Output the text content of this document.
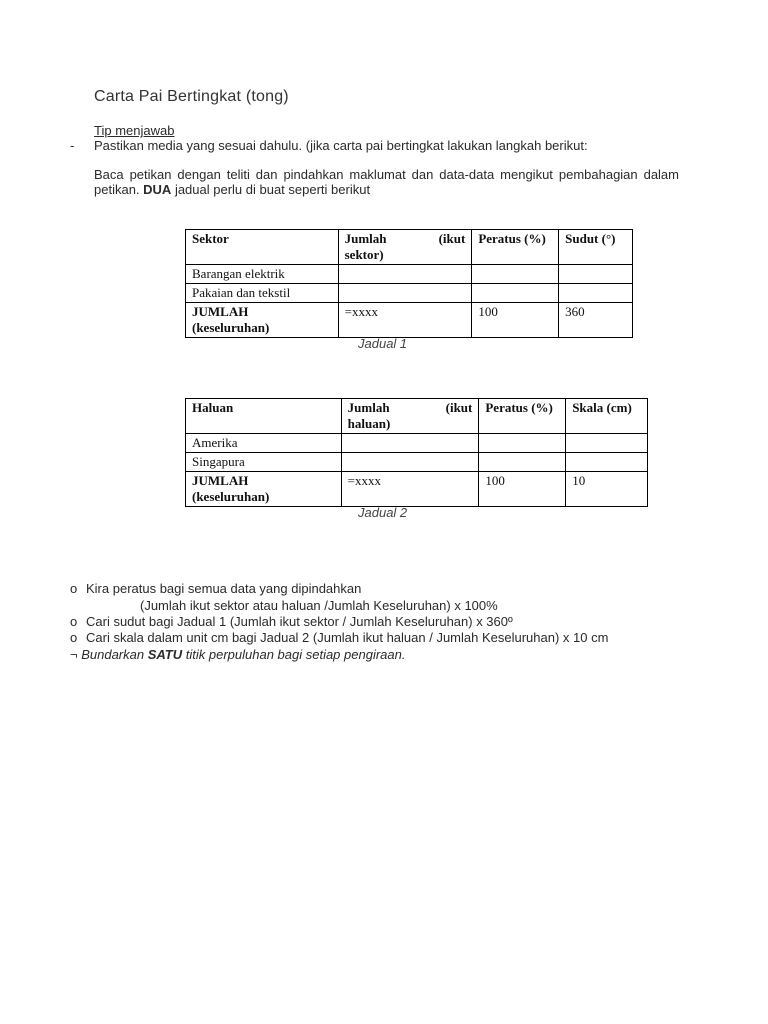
Carta Pai Bertingkat (tong)
Tip menjawab
- Pastikan media yang sesuai dahulu. (jika carta pai bertingkat lakukan langkah berikut:
Baca petikan dengan teliti dan pindahkan maklumat dan data-data mengikut pembahagian dalam petikan. DUA jadual perlu di buat seperti berikut
Sektor	Jumlah (ikut
sektor)	Peratus (%)	Sudut (°)
Barangan elektrik			
Pakaian dan tekstil			

JUMLAH
(keseluruhan)	=xxxx	100	360
Jadual 1
Haluan	Jumlah (ikut
haluan)	Peratus (%)	Skala (cm)
Amerika			
Singapura			

JUMLAH
(keseluruhan)	=xxxx	100	10
Jadual 2
o Kira peratus bagi semua data yang dipindahkan
(Jumlah ikut sektor atau haluan /Jumlah Keseluruhan) x 100%
o Cari sudut bagi Jadual 1 (Jumlah ikut sektor / Jumlah Keseluruhan) x 360º
o Cari skala dalam unit cm bagi Jadual 2 (Jumlah ikut haluan / Jumlah Keseluruhan) x 10 cm
¬ Bundarkan SATU titik perpuluhan bagi setiap pengiraan.
